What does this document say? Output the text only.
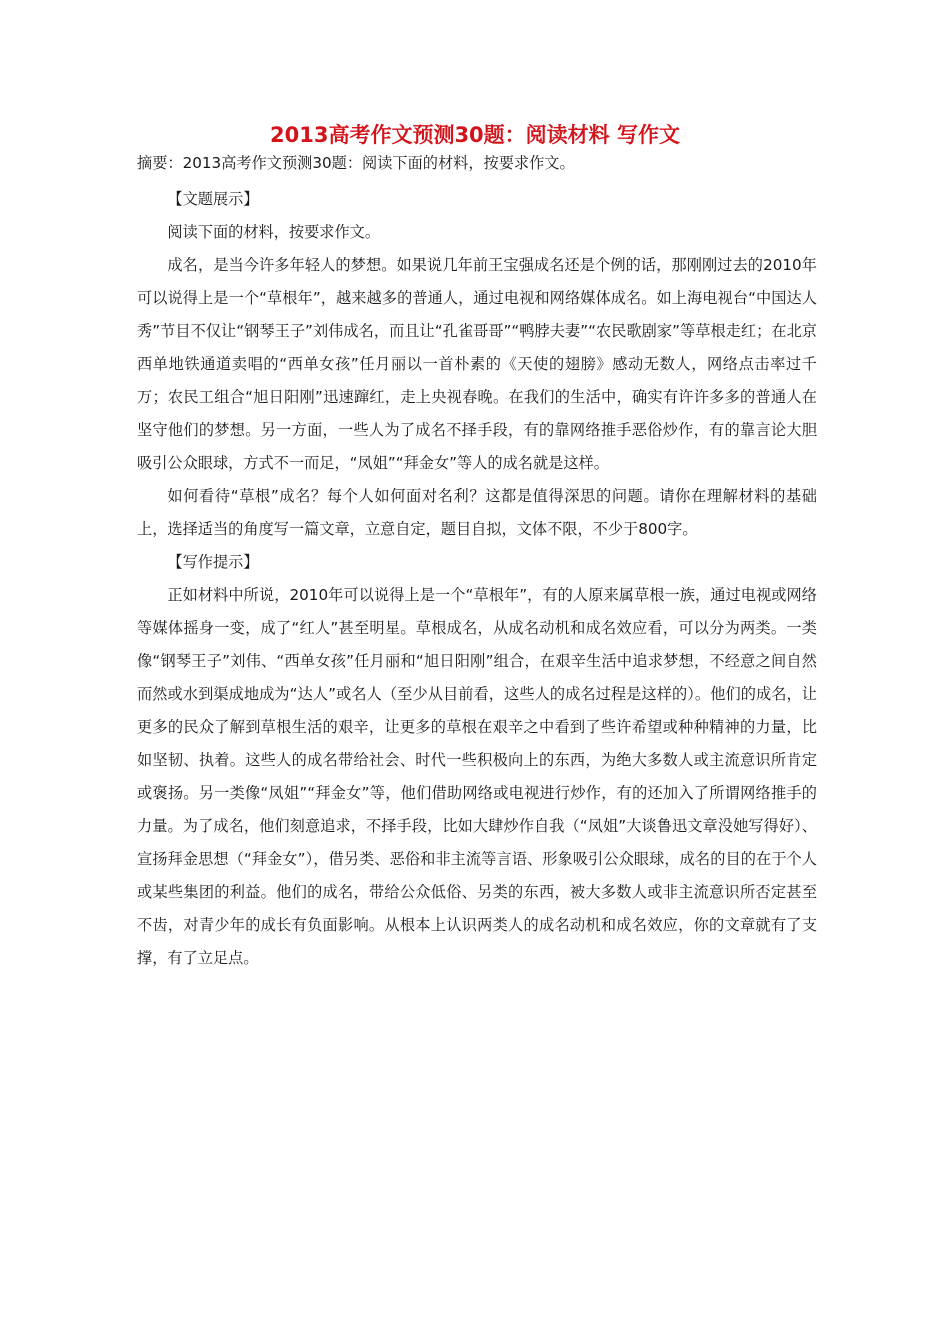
2013高考作文预测30题：阅读材料 写作文

摘要：2013高考作文预测30题：阅读下面的材料，按要求作文。

【文题展示】

阅读下面的材料，按要求作文。

成名，是当今许多年轻人的梦想。如果说几年前王宝强成名还是个例的话，那刚刚过去的2010年可以说得上是一个“草根年”，越来越多的普通人，通过电视和网络媒体成名。如上海电视台“中国达人秀”节目不仅让“钢琴王子”刘伟成名，而且让“孔雀哥哥”“鸭脖夫妻”“农民歌剧家”等草根走红；在北京西单地铁通道卖唱的“西单女孩”任月丽以一首朴素的《天使的翅膀》感动无数人，网络点击率过千万；农民工组合“旭日阳刚”迅速蹿红，走上央视春晚。在我们的生活中，确实有许许多多的普通人在坚守他们的梦想。另一方面，一些人为了成名不择手段，有的靠网络推手恶俗炒作，有的靠言论大胆吸引公众眼球，方式不一而足，“凤姐”“拜金女”等人的成名就是这样。

如何看待“草根”成名？每个人如何面对名利？这都是值得深思的问题。请你在理解材料的基础上，选择适当的角度写一篇文章，立意自定，题目自拟，文体不限，不少于800字。

【写作提示】

正如材料中所说，2010年可以说得上是一个“草根年”，有的人原来属草根一族，通过电视或网络等媒体摇身一变，成了“红人”甚至明星。草根成名，从成名动机和成名效应看，可以分为两类。一类像“钢琴王子”刘伟、“西单女孩”任月丽和“旭日阳刚”组合，在艰辛生活中追求梦想，不经意之间自然而然或水到渠成地成为“达人”或名人（至少从目前看，这些人的成名过程是这样的）。他们的成名，让更多的民众了解到草根生活的艰辛，让更多的草根在艰辛之中看到了些许希望或种种精神的力量，比如坚韧、执着。这些人的成名带给社会、时代一些积极向上的东西，为绝大多数人或主流意识所肯定或褒扬。另一类像“凤姐”“拜金女”等，他们借助网络或电视进行炒作，有的还加入了所谓网络推手的力量。为了成名，他们刻意追求，不择手段，比如大肆炒作自我（“凤姐”大谈鲁迅文章没她写得好）、宣扬拜金思想（“拜金女”），借另类、恶俗和非主流等言语、形象吸引公众眼球，成名的目的在于个人或某些集团的利益。他们的成名，带给公众低俗、另类的东西，被大多数人或非主流意识所否定甚至不齿，对青少年的成长有负面影响。从根本上认识两类人的成名动机和成名效应，你的文章就有了支撑，有了立足点。
